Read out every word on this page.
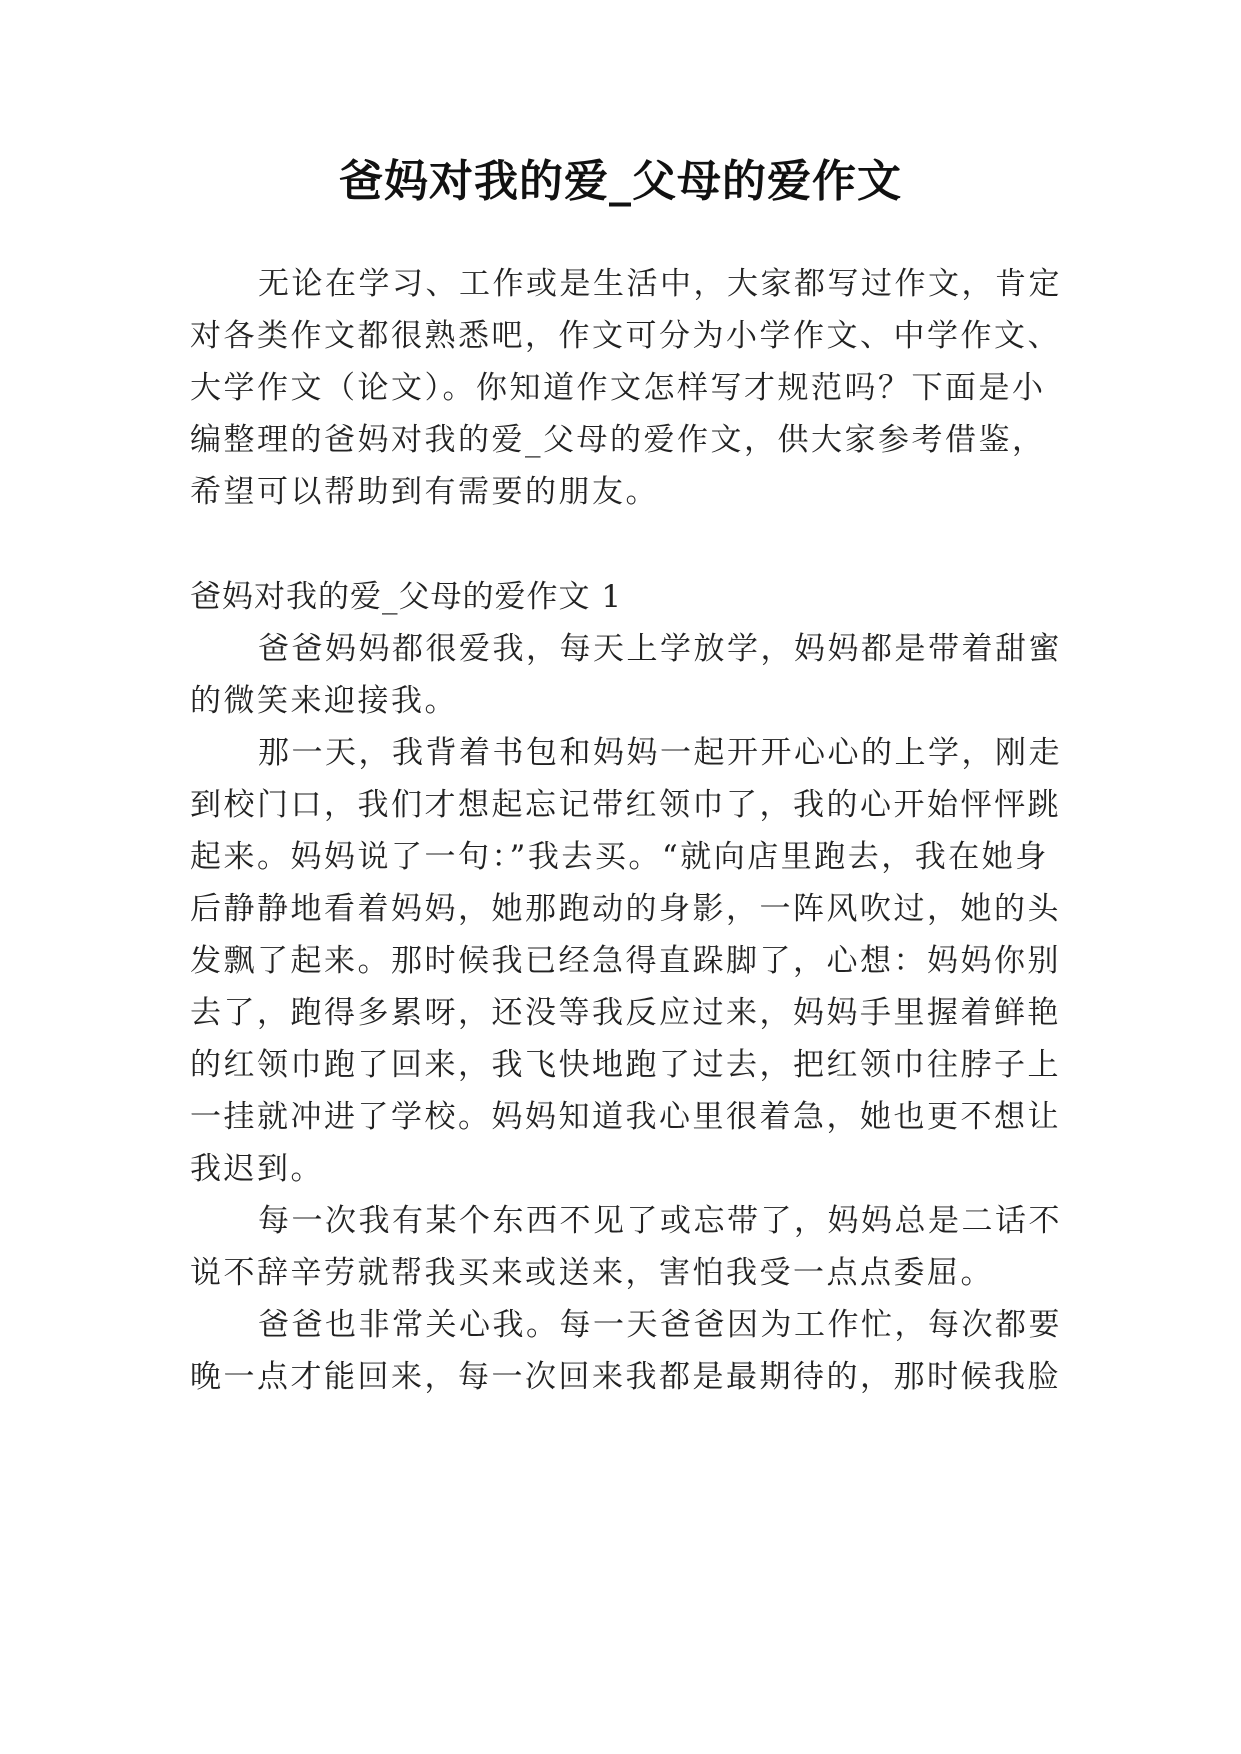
爸妈对我的爱_父母的爱作文
无论在学习、工作或是生活中，大家都写过作文，肯定
对各类作文都很熟悉吧，作文可分为小学作文、中学作文、
大学作文（论文）。你知道作文怎样写才规范吗？下面是小
编整理的爸妈对我的爱_父母的爱作文，供大家参考借鉴，
希望可以帮助到有需要的朋友。
爸妈对我的爱_父母的爱作文 1
爸爸妈妈都很爱我，每天上学放学，妈妈都是带着甜蜜
的微笑来迎接我。
那一天，我背着书包和妈妈一起开开心心的上学，刚走
到校门口，我们才想起忘记带红领巾了，我的心开始怦怦跳
起来。妈妈说了一句：”我去买。“就向店里跑去，我在她身
后静静地看着妈妈，她那跑动的身影，一阵风吹过，她的头
发飘了起来。那时候我已经急得直跺脚了，心想：妈妈你别
去了，跑得多累呀，还没等我反应过来，妈妈手里握着鲜艳
的红领巾跑了回来，我飞快地跑了过去，把红领巾往脖子上
一挂就冲进了学校。妈妈知道我心里很着急，她也更不想让
我迟到。
每一次我有某个东西不见了或忘带了，妈妈总是二话不
说不辞辛劳就帮我买来或送来，害怕我受一点点委屈。
爸爸也非常关心我。每一天爸爸因为工作忙，每次都要
晚一点才能回来，每一次回来我都是最期待的，那时候我脸
